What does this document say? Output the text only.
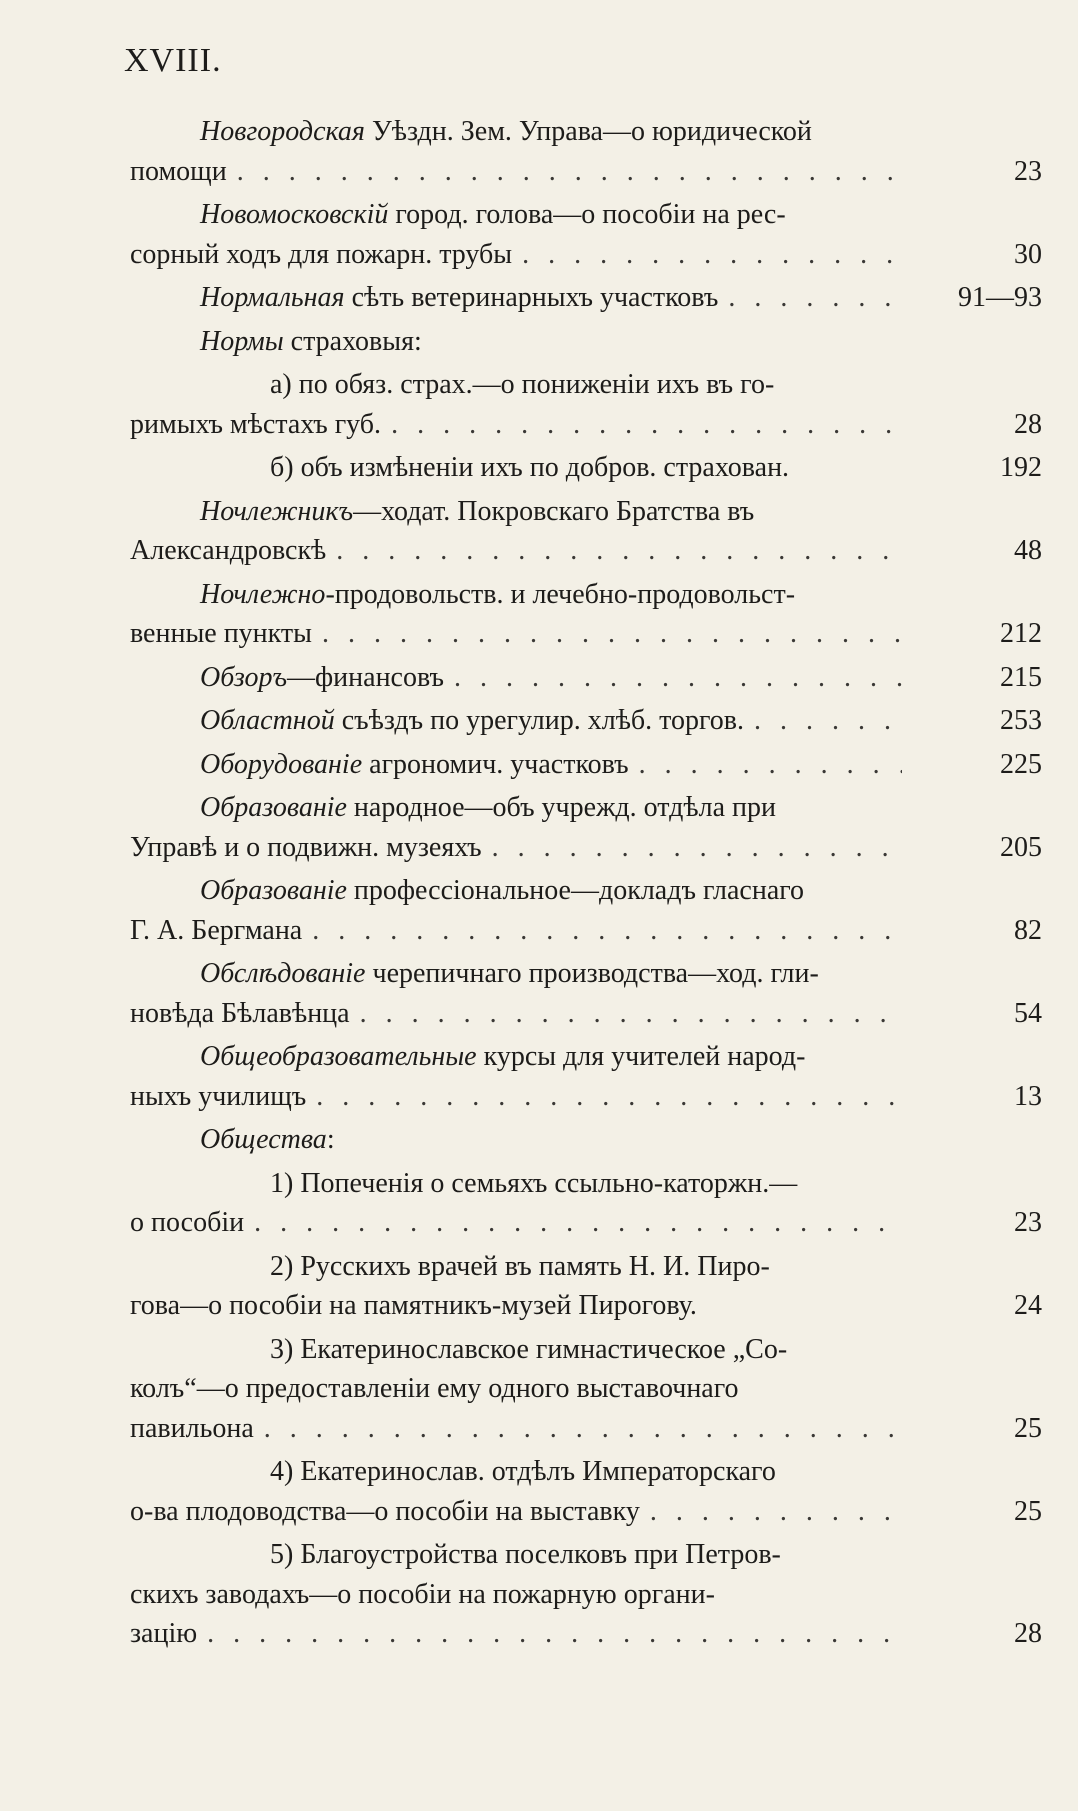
XVIII.
Новгородская Уѣздн. Зем. Управа—о юридической
помощи . . .	23
Новомосковскій город. голова—о пособіи на рес-
сорный ходъ для пожарн. трубы . . .	30
Нормальная сѣть ветеринарныхъ участковъ . . .	91—93
Нормы страховыя:
а) по обяз. страх.—о пониженіи ихъ въ го-
римыхъ мѣстахъ губ. . . .	28
б) объ измѣненіи ихъ по добров. страхован.	192
Ночлежникъ—ходат. Покровскаго Братства въ
Александровскѣ . . .	48
Ночлежно-продовольств. и лечебно-продовольст-
венные пункты . . .	212
Обзоръ—финансовъ . . .	215
Областной съѣздъ по урегулир. хлѣб. торгов. . . .	253
Оборудованіе агрономич. участковъ . . .	225
Образованіе народное—объ учрежд. отдѣла при
Управѣ и о подвижн. музеяхъ . . .	205
Образованіе профессіональное—докладъ гласнаго
Г. А. Бергмана . . .	82
Обслѣдованіе черепичнаго производства—ход. гли-
новѣда Бѣлавѣнца . . .	54
Общеобразовательные курсы для учителей народ-
ныхъ училищъ . . .	13
Общества:
1) Попеченія о семьяхъ ссыльно-каторжн.—
о пособіи . . .	23
2) Русскихъ врачей въ память Н. И. Пиро-
гова—о пособіи на памятникъ-музей Пирогову.	24
3) Екатеринославское гимнастическое „Со-
колъ“—о предоставленіи ему одного выставочнаго
павильона . . .	25
4) Екатеринослав. отдѣлъ Императорскаго
о-ва плодоводства—о пособіи на выставку . . .	25
5) Благоустройства поселковъ при Петров-
скихъ заводахъ—о пособіи на пожарную органи-
зацію . . .	28
